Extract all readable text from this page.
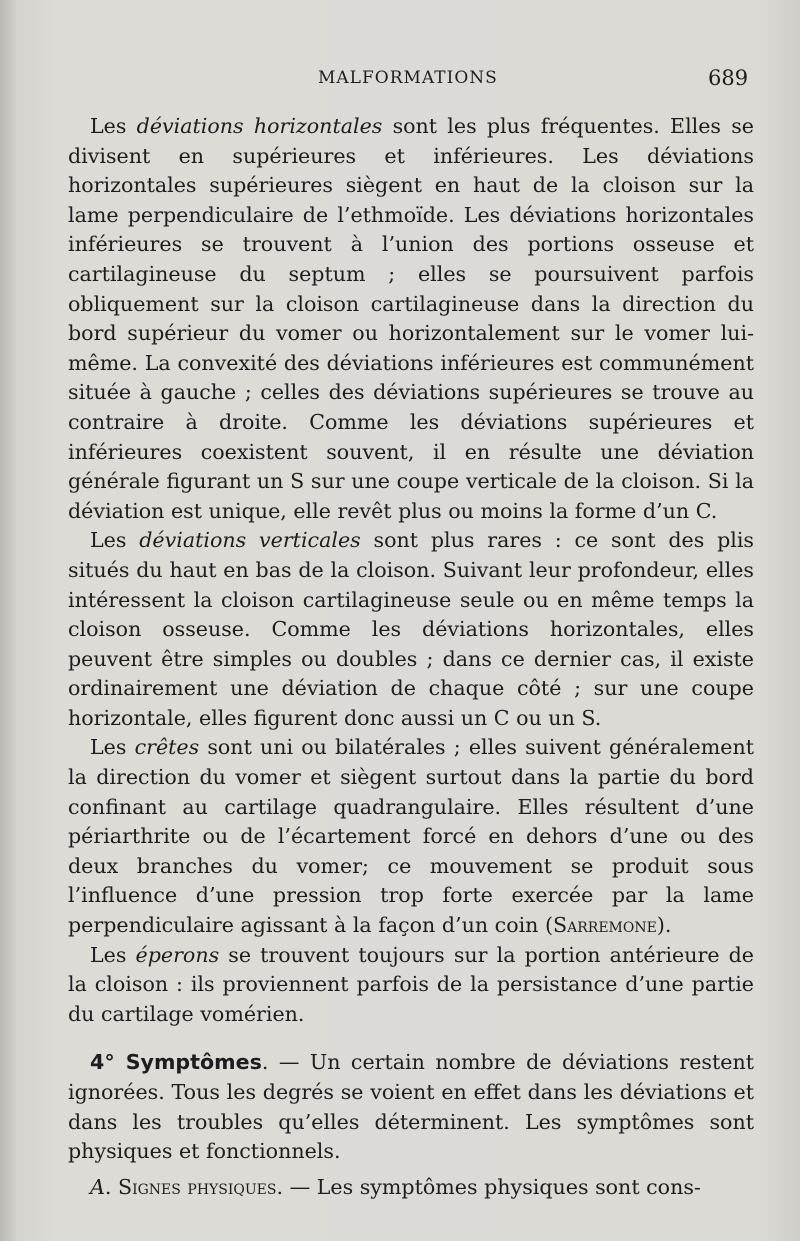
MALFORMATIONS	689

Les déviations horizontales sont les plus fréquentes. Elles se divisent en supérieures et inférieures. Les déviations horizontales supérieures siègent en haut de la cloison sur la lame perpendiculaire de l’ethmoïde. Les déviations horizontales inférieures se trouvent à l’union des portions osseuse et cartilagineuse du septum ; elles se poursuivent parfois obliquement sur la cloison cartilagineuse dans la direction du bord supérieur du vomer ou horizontalement sur le vomer lui-même. La convexité des déviations inférieures est communément située à gauche ; celles des déviations supérieures se trouve au contraire à droite. Comme les déviations supérieures et inférieures coexistent souvent, il en résulte une déviation générale figurant un S sur une coupe verticale de la cloison. Si la déviation est unique, elle revêt plus ou moins la forme d’un C.

Les déviations verticales sont plus rares : ce sont des plis situés du haut en bas de la cloison. Suivant leur profondeur, elles intéressent la cloison cartilagineuse seule ou en même temps la cloison osseuse. Comme les déviations horizontales, elles peuvent être simples ou doubles ; dans ce dernier cas, il existe ordinairement une déviation de chaque côté ; sur une coupe horizontale, elles figurent donc aussi un C ou un S.

Les crêtes sont uni ou bilatérales ; elles suivent généralement la direction du vomer et siègent surtout dans la partie du bord confinant au cartilage quadrangulaire. Elles résultent d’une périarthrite ou de l’écartement forcé en dehors d’une ou des deux branches du vomer; ce mouvement se produit sous l’influence d’une pression trop forte exercée par la lame perpendiculaire agissant à la façon d’un coin (Sarremone).

Les éperons se trouvent toujours sur la portion antérieure de la cloison : ils proviennent parfois de la persistance d’une partie du cartilage vomérien.

4° Symptômes. — Un certain nombre de déviations restent ignorées. Tous les degrés se voient en effet dans les déviations et dans les troubles qu’elles déterminent. Les symptômes sont physiques et fonctionnels.

A. Signes physiques. — Les symptômes physiques sont cons-
